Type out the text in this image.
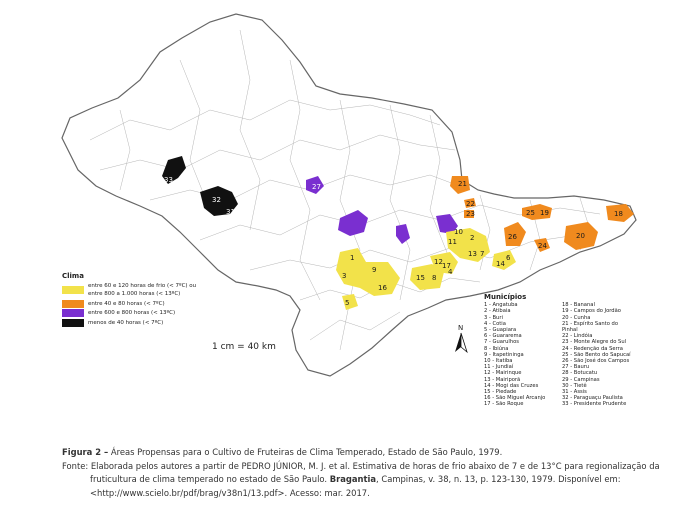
33
32
31
27	21
22
23	25 19
26
24
20
18
1
3
9
16
5
15 8
12 17
4
11
10
2
13 7
14
6
Clima
entre 60 e 120 horas de frio (< 7ºC) ou
entre 800 a 1.000 horas (< 13ºC)
entre 40 e 80 horas (< 7ºC)
entre 600 e 800 horas (< 13ºC)
menos de 40 horas (< 7ºC)
1 cm = 40 km
N
Municípios
1 - Angatuba
2 - Atibaia
3 - Buri
4 - Cotia
5 - Guapiara
6 - Guararema
7 - Guarulhos
8 - Ibiúna
9 - Itapetininga
10 - Itatiba
11 - Jundiaí
12 - Mairinque
13 - Mairiporã
14 - Mogi das Cruzes
15 - Piedade
16 - São Miguel Arcanjo
17 - São Roque
18 - Bananal
19 - Campos do Jordão
20 - Cunha
21 - Espírito Santo do Pinhal
22 - Lindóia
23 - Monte Alegre do Sul
24 - Redenção da Serra
25 - São Bento do Sapucaí
26 - São José dos Campos
27 - Bauru
28 - Botucatu
29 - Campinas
30 - Tietê
31 - Assis
32 - Paraguaçu Paulista
33 - Presidente Prudente
Figura 2 – Áreas Propensas para o Cultivo de Fruteiras de Clima Temperado, Estado de São Paulo, 1979.
Fonte: Elaborada pelos autores a partir de PEDRO JÚNIOR, M. J. et al. Estimativa de horas de frio abaixo de 7 e de 13°C para regionalização da fruticultura de clima temperado no estado de São Paulo. Bragantia, Campinas, v. 38, n. 13, p. 123-130, 1979. Disponível em: <http://www.scielo.br/pdf/brag/v38n1/13.pdf>. Acesso: mar. 2017.
